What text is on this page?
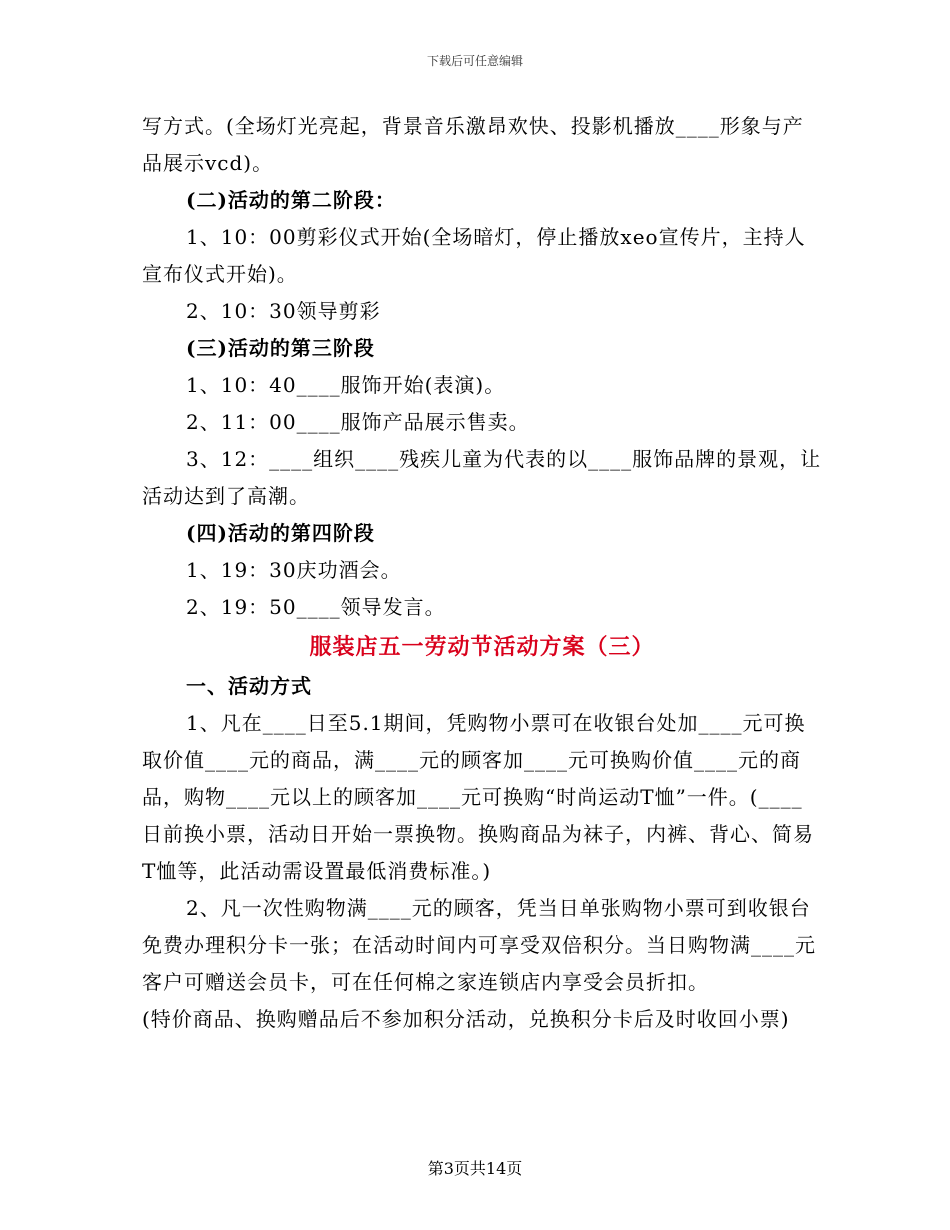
下载后可任意编辑

写方式。(全场灯光亮起，背景音乐激昂欢快、投影机播放____形象与产品展示vcd)。

(二)活动的第二阶段：

1、10：00剪彩仪式开始(全场暗灯，停止播放xeo宣传片，主持人宣布仪式开始)。

2、10：30领导剪彩

(三)活动的第三阶段

1、10：40____服饰开始(表演)。

2、11：00____服饰产品展示售卖。

3、12：____组织____残疾儿童为代表的以____服饰品牌的景观，让活动达到了高潮。

(四)活动的第四阶段

1、19：30庆功酒会。

2、19：50____领导发言。

服装店五一劳动节活动方案（三）

一、活动方式

1、凡在____日至5.1期间，凭购物小票可在收银台处加____元可换取价值____元的商品，满____元的顾客加____元可换购价值____元的商品，购物____元以上的顾客加____元可换购“时尚运动T恤”一件。(____日前换小票，活动日开始一票换物。换购商品为袜子，内裤、背心、简易T恤等，此活动需设置最低消费标准。)

2、凡一次性购物满____元的顾客，凭当日单张购物小票可到收银台免费办理积分卡一张；在活动时间内可享受双倍积分。当日购物满____元客户可赠送会员卡，可在任何棉之家连锁店内享受会员折扣。

(特价商品、换购赠品后不参加积分活动，兑换积分卡后及时收回小票)

第3页共14页
